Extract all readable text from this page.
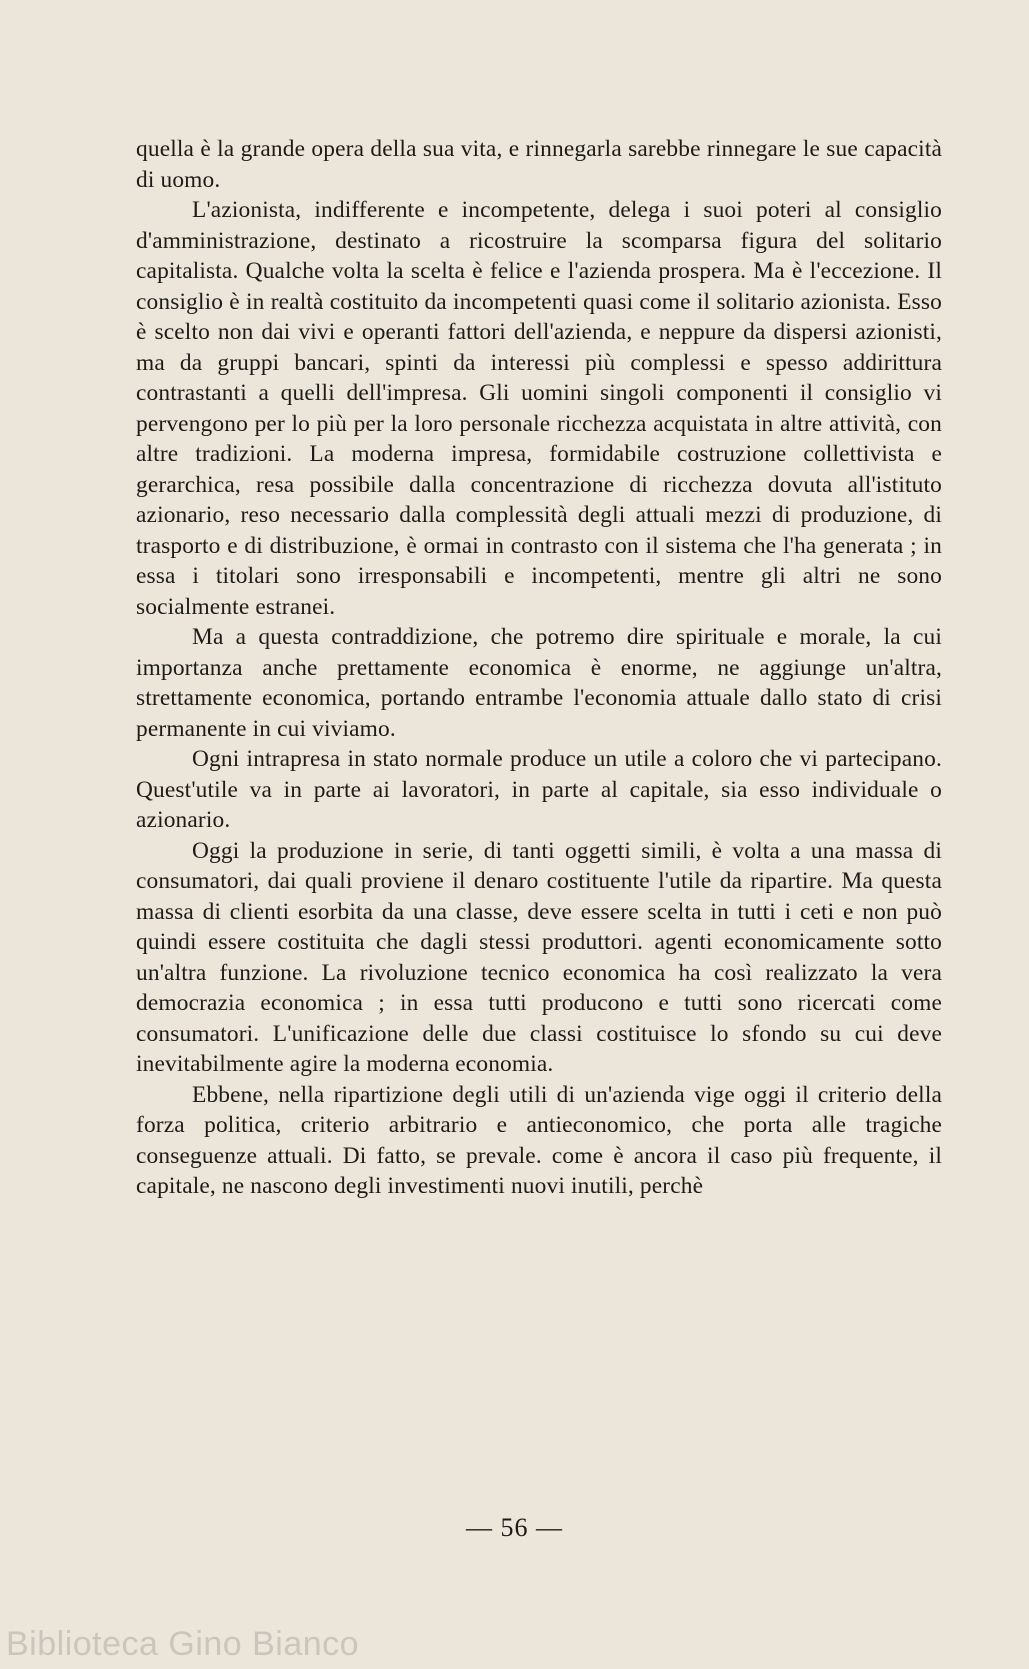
quella è la grande opera della sua vita, e rinnegarla sarebbe rinnegare le sue capacità di uomo.

L'azionista, indifferente e incompetente, delega i suoi poteri al consiglio d'amministrazione, destinato a ricostruire la scomparsa figura del solitario capitalista. Qualche volta la scelta è felice e l'azienda prospera. Ma è l'eccezione. Il consiglio è in realtà costituito da incompetenti quasi come il solitario azionista. Esso è scelto non dai vivi e operanti fattori dell'azienda, e neppure da dispersi azionisti, ma da gruppi bancari, spinti da interessi più complessi e spesso addirittura contrastanti a quelli dell'impresa. Gli uomini singoli componenti il consiglio vi pervengono per lo più per la loro personale ricchezza acquistata in altre attività, con altre tradizioni. La moderna impresa, formidabile costruzione collettivista e gerarchica, resa possibile dalla concentrazione di ricchezza dovuta all'istituto azionario, reso necessario dalla complessità degli attuali mezzi di produzione, di trasporto e di distribuzione, è ormai in contrasto con il sistema che l'ha generata ; in essa i titolari sono irresponsabili e incompetenti, mentre gli altri ne sono socialmente estranei.

Ma a questa contraddizione, che potremo dire spirituale e morale, la cui importanza anche prettamente economica è enorme, ne aggiunge un'altra, strettamente economica, portando entrambe l'economia attuale dallo stato di crisi permanente in cui viviamo.

Ogni intrapresa in stato normale produce un utile a coloro che vi partecipano. Quest'utile va in parte ai lavoratori, in parte al capitale, sia esso individuale o azionario.

Oggi la produzione in serie, di tanti oggetti simili, è volta a una massa di consumatori, dai quali proviene il denaro costituente l'utile da ripartire. Ma questa massa di clienti esorbita da una classe, deve essere scelta in tutti i ceti e non può quindi essere costituita che dagli stessi produttori. agenti economicamente sotto un'altra funzione. La rivoluzione tecnico economica ha così realizzato la vera democrazia economica ; in essa tutti producono e tutti sono ricercati come consumatori. L'unificazione delle due classi costituisce lo sfondo su cui deve inevitabilmente agire la moderna economia.

Ebbene, nella ripartizione degli utili di un'azienda vige oggi il criterio della forza politica, criterio arbitrario e antieconomico, che porta alle tragiche conseguenze attuali. Di fatto, se prevale. come è ancora il caso più frequente, il capitale, ne nascono degli investimenti nuovi inutili, perchè

— 56 —
Biblioteca Gino Bianco
